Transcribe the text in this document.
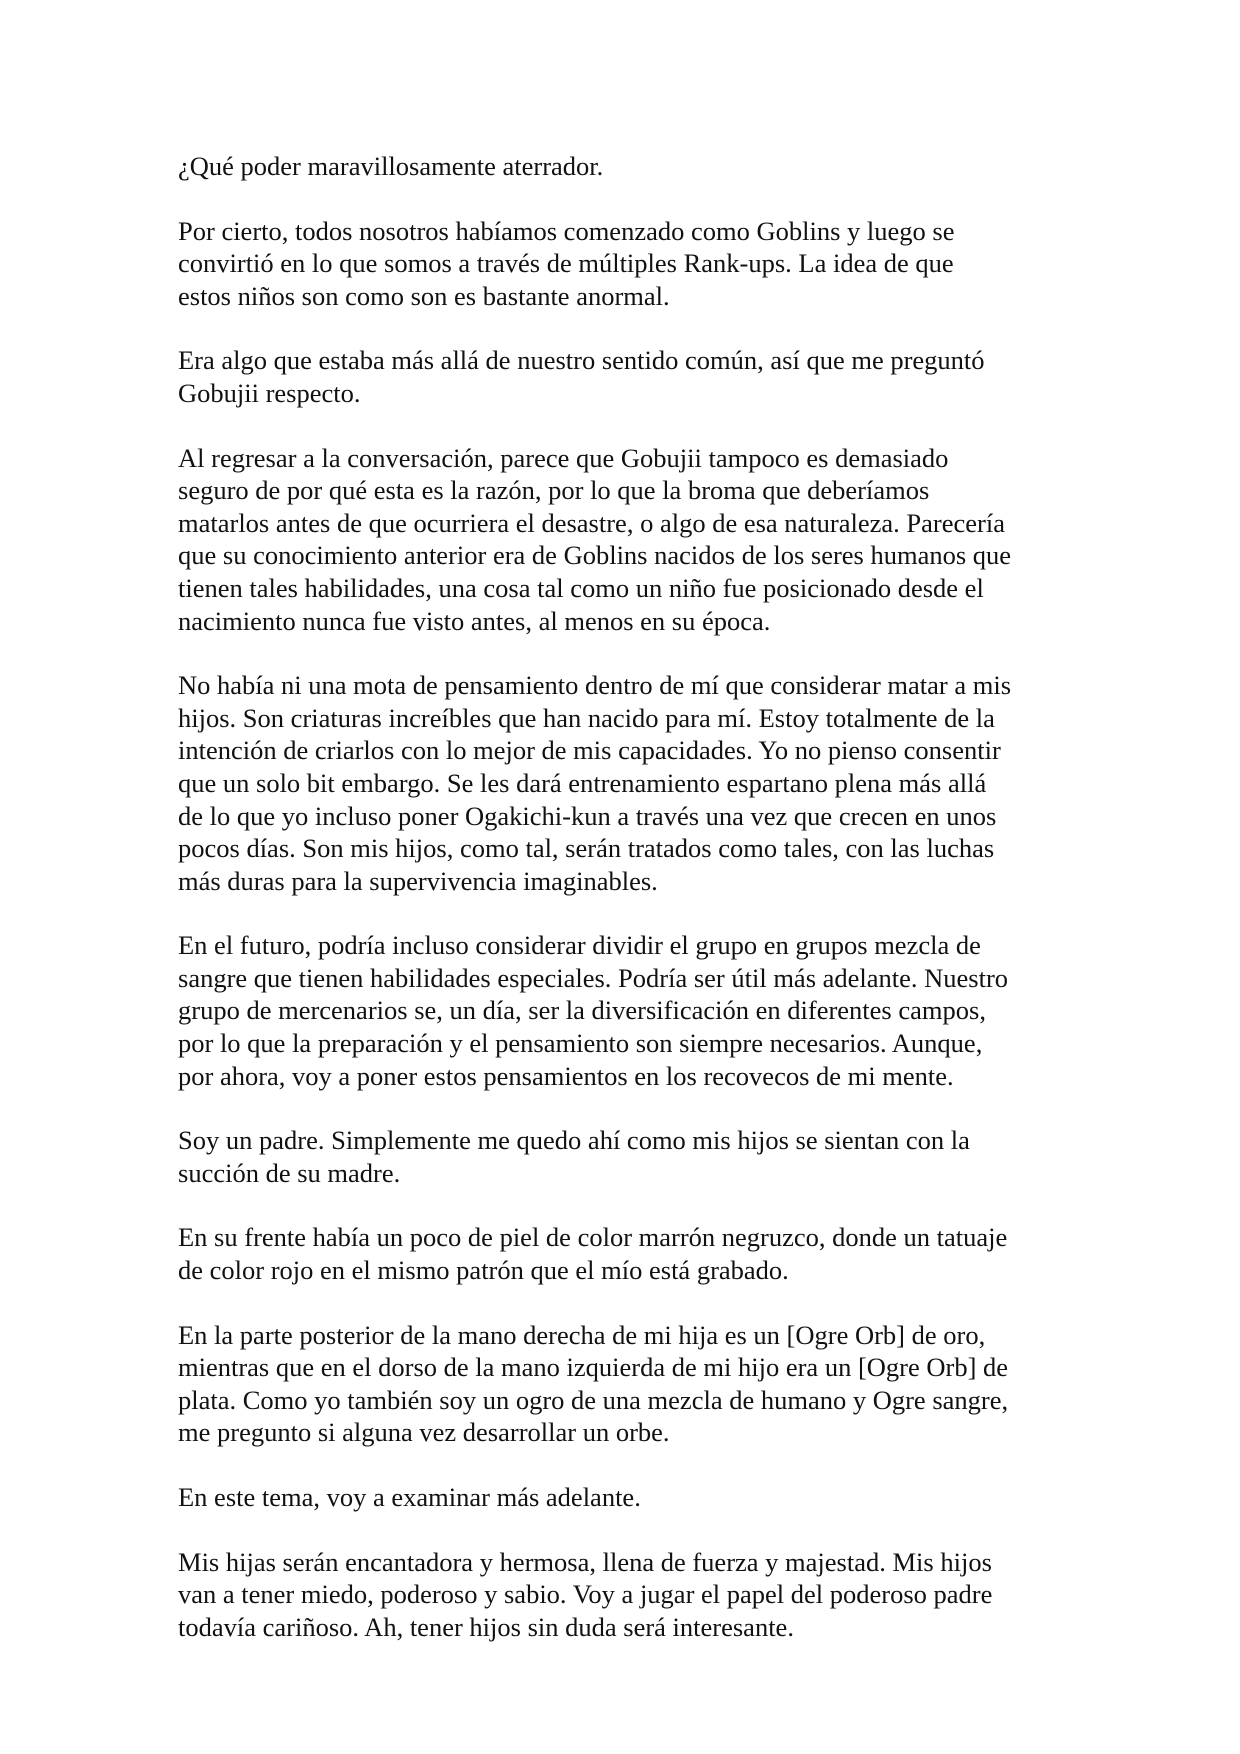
¿Qué poder maravillosamente aterrador.

Por cierto, todos nosotros habíamos comenzado como Goblins y luego se
convirtió en lo que somos a través de múltiples Rank-ups. La idea de que
estos niños son como son es bastante anormal.

Era algo que estaba más allá de nuestro sentido común, así que me preguntó
Gobujii respecto.

Al regresar a la conversación, parece que Gobujii tampoco es demasiado
seguro de por qué esta es la razón, por lo que la broma que deberíamos
matarlos antes de que ocurriera el desastre, o algo de esa naturaleza. Parecería
que su conocimiento anterior era de Goblins nacidos de los seres humanos que
tienen tales habilidades, una cosa tal como un niño fue posicionado desde el
nacimiento nunca fue visto antes, al menos en su época.

No había ni una mota de pensamiento dentro de mí que considerar matar a mis
hijos. Son criaturas increíbles que han nacido para mí. Estoy totalmente de la
intención de criarlos con lo mejor de mis capacidades. Yo no pienso consentir
que un solo bit embargo. Se les dará entrenamiento espartano plena más allá
de lo que yo incluso poner Ogakichi-kun a través una vez que crecen en unos
pocos días. Son mis hijos, como tal, serán tratados como tales, con las luchas
más duras para la supervivencia imaginables.

En el futuro, podría incluso considerar dividir el grupo en grupos mezcla de
sangre que tienen habilidades especiales. Podría ser útil más adelante. Nuestro
grupo de mercenarios se, un día, ser la diversificación en diferentes campos,
por lo que la preparación y el pensamiento son siempre necesarios. Aunque,
por ahora, voy a poner estos pensamientos en los recovecos de mi mente.

Soy un padre. Simplemente me quedo ahí como mis hijos se sientan con la
succión de su madre.

En su frente había un poco de piel de color marrón negruzco, donde un tatuaje
de color rojo en el mismo patrón que el mío está grabado.

En la parte posterior de la mano derecha de mi hija es un [Ogre Orb] de oro,
mientras que en el dorso de la mano izquierda de mi hijo era un [Ogre Orb] de
plata. Como yo también soy un ogro de una mezcla de humano y Ogre sangre,
me pregunto si alguna vez desarrollar un orbe.

En este tema, voy a examinar más adelante.

Mis hijas serán encantadora y hermosa, llena de fuerza y majestad. Mis hijos
van a tener miedo, poderoso y sabio. Voy a jugar el papel del poderoso padre
todavía cariñoso. Ah, tener hijos sin duda será interesante.
